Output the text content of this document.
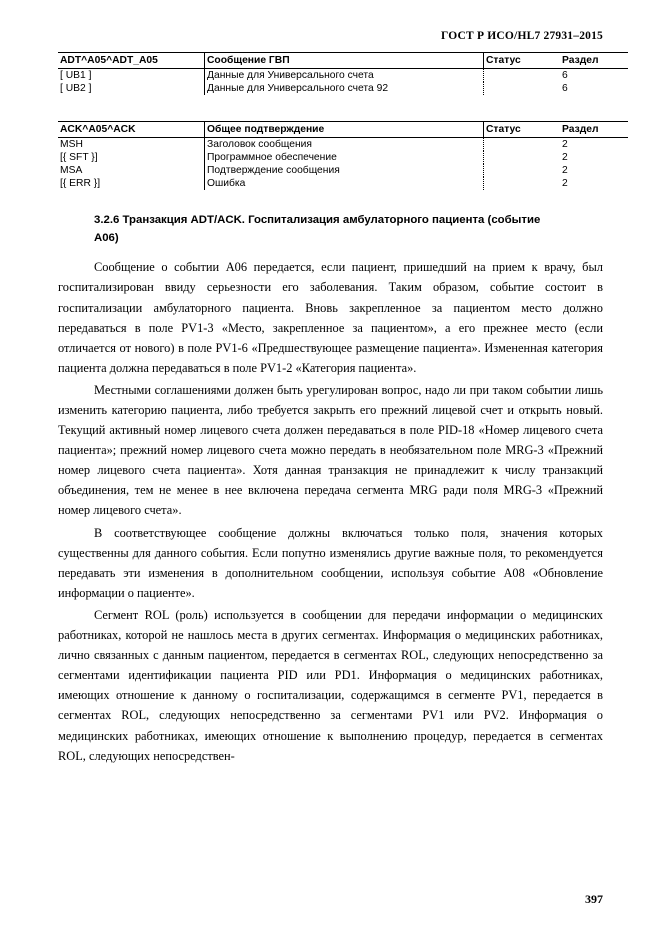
ГОСТ Р ИСО/HL7 27931–2015
ADT^A05^ADT_A05	Сообщение ГВП	Статус	Раздел
[ UB1 ]	Данные для Универсального счета		6
[ UB2 ]	Данные для Универсального счета 92		6
ACK^A05^ACK	Общее подтверждение	Статус	Раздел
MSH	Заголовок сообщения		2
[{ SFT }]	Программное обеспечение		2
MSA	Подтверждение сообщения		2
[{ ERR }]	Ошибка		2
3.2.6 Транзакция ADT/ACK. Госпитализация амбулаторного пациента (событие
A06)

Сообщение о событии A06 передается, если пациент, пришедший на прием к врачу, был госпитализирован ввиду серьезности его заболевания. Таким образом, событие состоит в госпитализации амбулаторного пациента. Вновь закрепленное за пациентом место должно передаваться в поле PV1-3 «Место, закрепленное за пациентом», а его прежнее место (если отличается от нового) в поле PV1-6 «Предшествующее размещение пациента». Измененная категория пациента должна передаваться в поле PV1-2 «Категория пациента».

Местными соглашениями должен быть урегулирован вопрос, надо ли при таком событии лишь изменить категорию пациента, либо требуется закрыть его прежний лицевой счет и открыть новый. Текущий активный номер лицевого счета должен передаваться в поле PID-18 «Номер лицевого счета пациента»; прежний номер лицевого счета можно передать в необязательном поле MRG-3 «Прежний номер лицевого счета пациента». Хотя данная транзакция не принадлежит к числу транзакций объединения, тем не менее в нее включена передача сегмента MRG ради поля MRG-3 «Прежний номер лицевого счета».

В соответствующее сообщение должны включаться только поля, значения которых существенны для данного события. Если попутно изменялись другие важные поля, то рекомендуется передавать эти изменения в дополнительном сообщении, используя событие A08 «Обновление информации о пациенте».

Сегмент ROL (роль) используется в сообщении для передачи информации о медицинских работниках, которой не нашлось места в других сегментах. Информация о медицинских работниках, лично связанных с данным пациентом, передается в сегментах ROL, следующих непосредственно за сегментами идентификации пациента PID или PD1. Информация о медицинских работниках, имеющих отношение к данному о госпитализации, содержащимся в сегменте PV1, передается в сегментах ROL, следующих непосредственно за сегментами PV1 или PV2. Информация о медицинских работниках, имеющих отношение к выполнению процедур, передается в сегментах ROL, следующих непосредствен-

397
